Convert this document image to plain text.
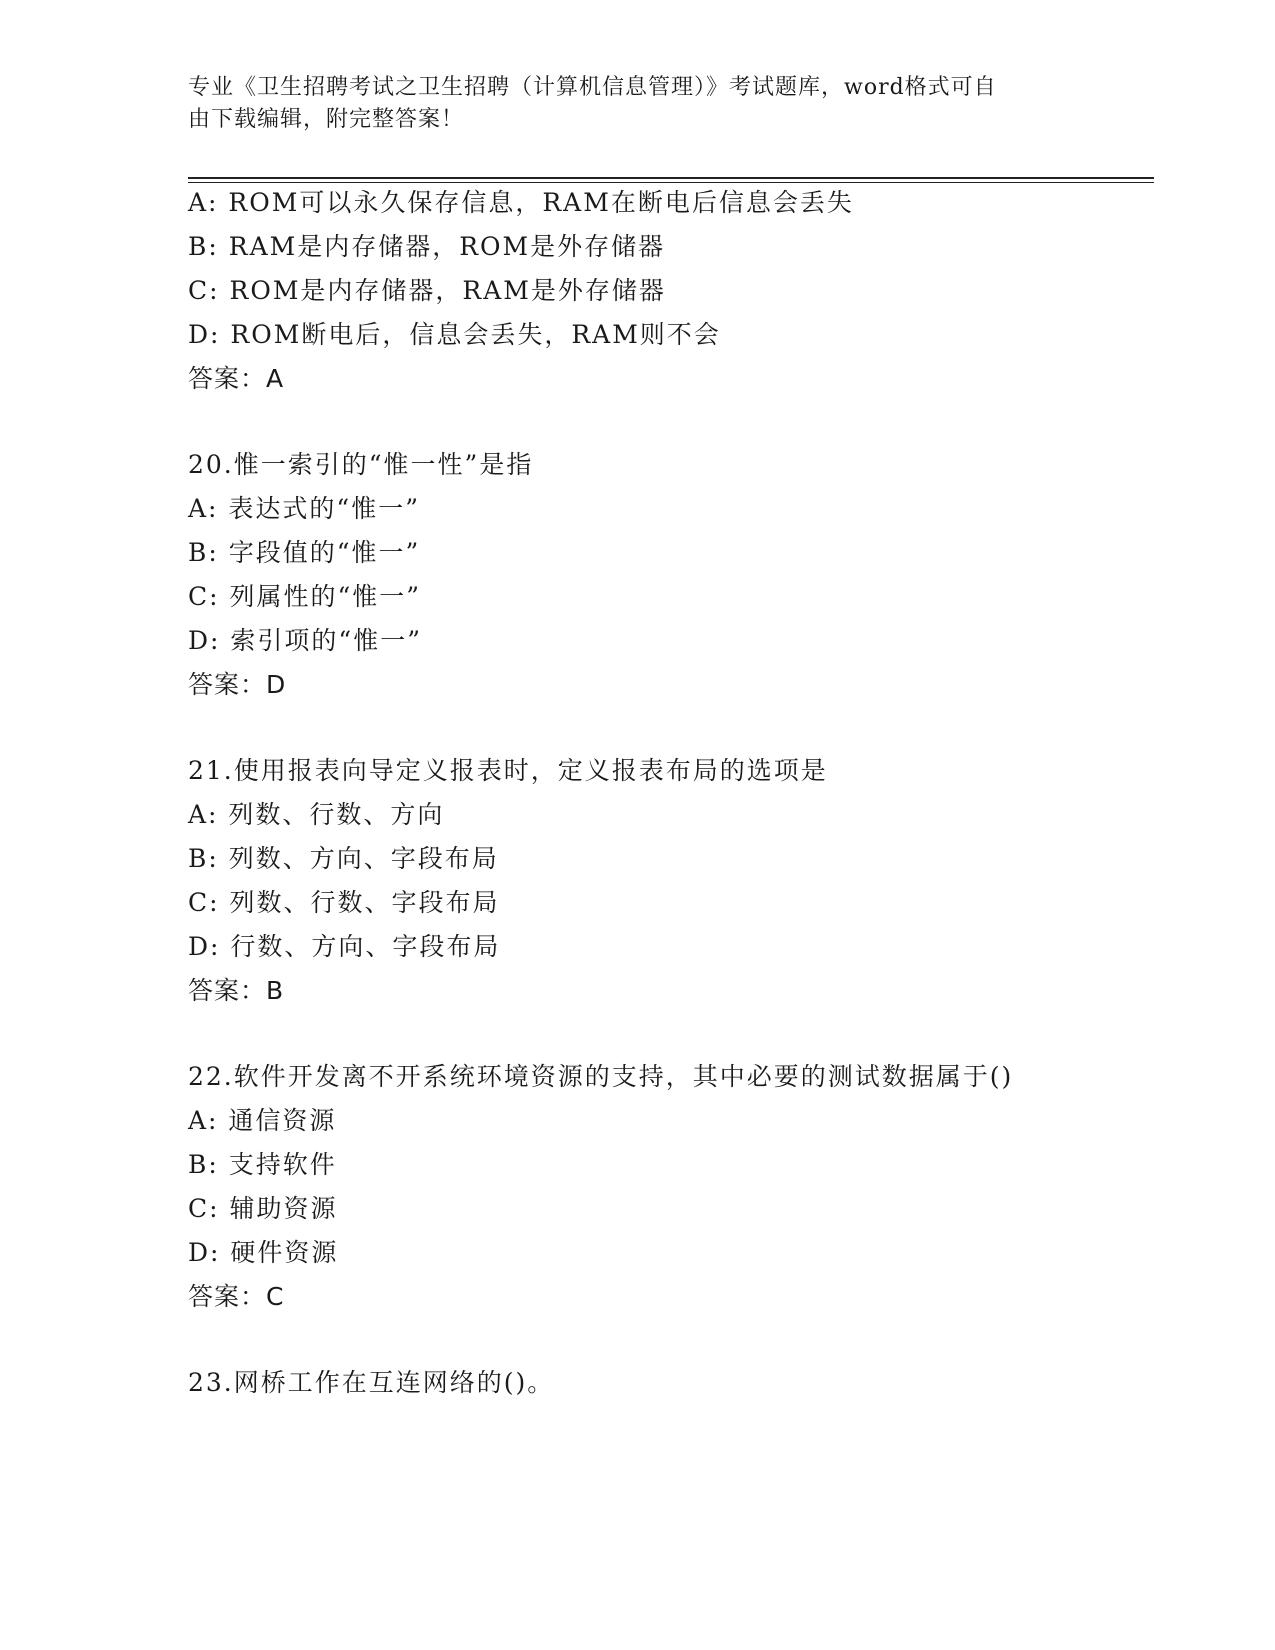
专业《卫生招聘考试之卫生招聘（计算机信息管理）》考试题库，word格式可自
由下载编辑，附完整答案！
A: ROM可以永久保存信息，RAM在断电后信息会丢失
B: RAM是内存储器，ROM是外存储器
C: ROM是内存储器，RAM是外存储器
D: ROM断电后，信息会丢失，RAM则不会
答案：A
20.惟一索引的“惟一性”是指
A: 表达式的“惟一”
B: 字段值的“惟一”
C: 列属性的“惟一”
D: 索引项的“惟一”
答案：D
21.使用报表向导定义报表时，定义报表布局的选项是
A: 列数、行数、方向
B: 列数、方向、字段布局
C: 列数、行数、字段布局
D: 行数、方向、字段布局
答案：B
22.软件开发离不开系统环境资源的支持，其中必要的测试数据属于()
A: 通信资源
B: 支持软件
C: 辅助资源
D: 硬件资源
答案：C
23.网桥工作在互连网络的()。
